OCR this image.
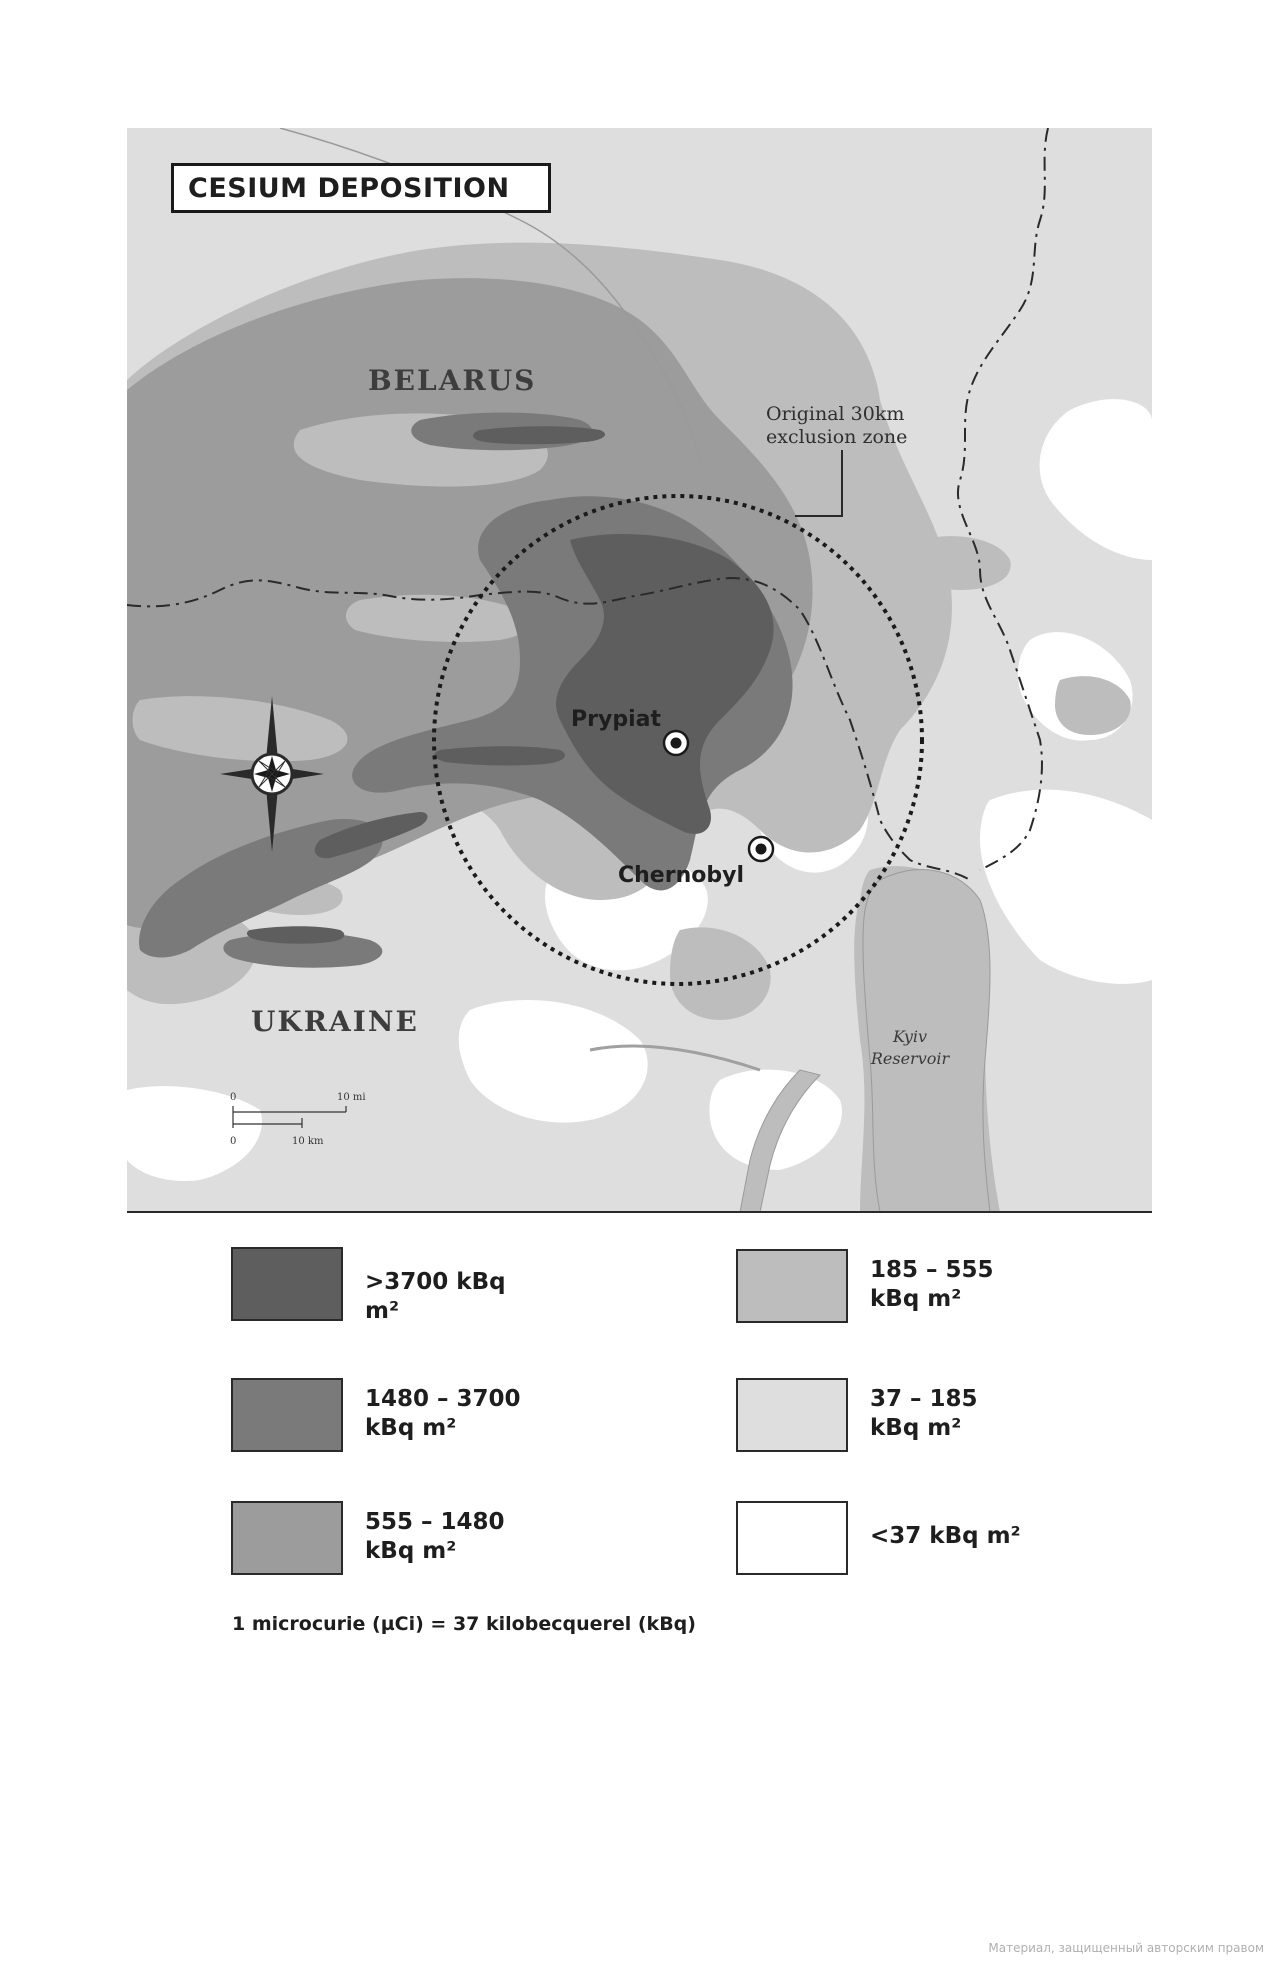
CESIUM DEPOSITION
BELARUS
UKRAINE
Original 30km
exclusion zone
Kyiv
Reservoir
Prypiat
Chernobyl
0	10 mi
0	10 km
>3700 kBq m²
1480 – 3700
kBq m²
555 – 1480
kBq m²
185 – 555
kBq m²
37 – 185
kBq m²
<37 kBq m²
1 microcurie (µCi) = 37 kilobecquerel (kBq)
Материал, защищенный авторским правом
